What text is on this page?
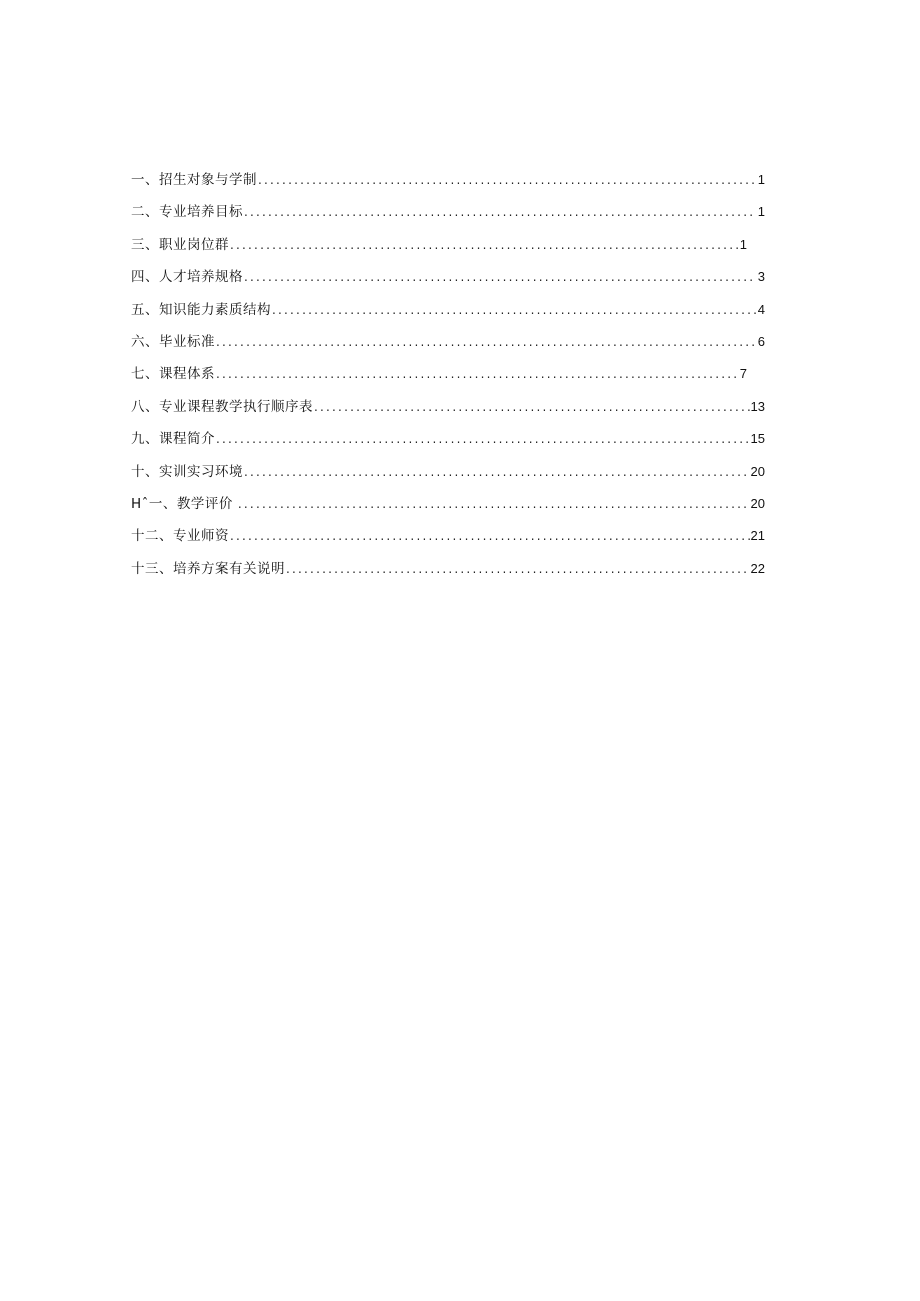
一、招生对象与学制 .....	1
二、专业培养目标 .....	1
三、职业岗位群 .....	1
四、人才培养规格 .....	3
五、知识能力素质结构 .....	4
六、毕业标准 .....	6
七、课程体系 .....	7
八、专业课程教学执行顺序表 .....	13
九、课程简介 .....	15
十、实训实习环境 .....	20
Hˆ一、教学评价 .....	20
十二、专业师资 .....	21
十三、培养方案有关说明 .....	22
